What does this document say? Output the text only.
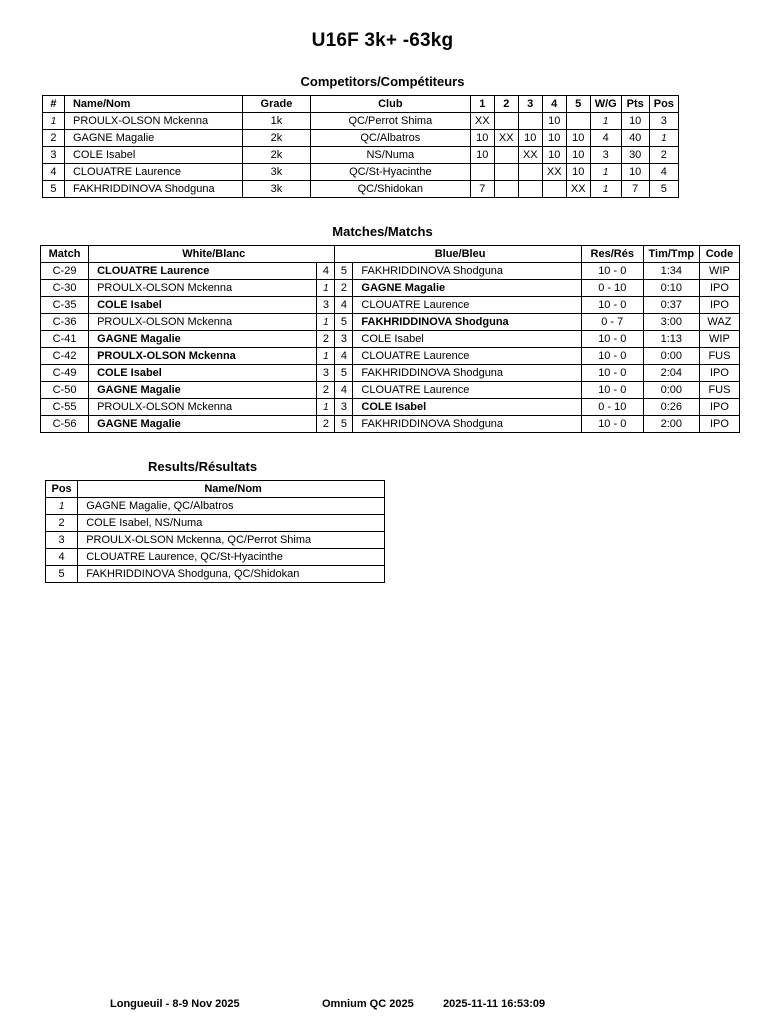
U16F 3k+ -63kg
Competitors/Compétiteurs
#	Name/Nom	Grade	Club	1	2	3	4	5	W/G	Pts	Pos
1	PROULX-OLSON Mckenna	1k	QC/Perrot Shima	XX			10		1	10	3
2	GAGNE Magalie	2k	QC/Albatros	10	XX	10	10	10	4	40	1
3	COLE Isabel	2k	NS/Numa	10		XX	10	10	3	30	2
4	CLOUATRE Laurence	3k	QC/St-Hyacinthe				XX	10	1	10	4
5	FAKHRIDDINOVA Shodguna	3k	QC/Shidokan	7				XX	1	7	5
Matches/Matchs
Match	White/Blanc		Blue/Bleu		Res/Rés	Tim/Tmp	Code
C-29	CLOUATRE Laurence	4	5	FAKHRIDDINOVA Shodguna	10 - 0	1:34	WIP
C-30	PROULX-OLSON Mckenna	1	2	GAGNE Magalie	0 - 10	0:10	IPO
C-35	COLE Isabel	3	4	CLOUATRE Laurence	10 - 0	0:37	IPO
C-36	PROULX-OLSON Mckenna	1	5	FAKHRIDDINOVA Shodguna	0 - 7	3:00	WAZ
C-41	GAGNE Magalie	2	3	COLE Isabel	10 - 0	1:13	WIP
C-42	PROULX-OLSON Mckenna	1	4	CLOUATRE Laurence	10 - 0	0:00	FUS
C-49	COLE Isabel	3	5	FAKHRIDDINOVA Shodguna	10 - 0	2:04	IPO
C-50	GAGNE Magalie	2	4	CLOUATRE Laurence	10 - 0	0:00	FUS
C-55	PROULX-OLSON Mckenna	1	3	COLE Isabel	0 - 10	0:26	IPO
C-56	GAGNE Magalie	2	5	FAKHRIDDINOVA Shodguna	10 - 0	2:00	IPO
Results/Résultats
Pos	Name/Nom
1	GAGNE Magalie, QC/Albatros
2	COLE Isabel, NS/Numa
3	PROULX-OLSON Mckenna, QC/Perrot Shima
4	CLOUATRE Laurence, QC/St-Hyacinthe
5	FAKHRIDDINOVA Shodguna, QC/Shidokan
Longueuil - 8-9 Nov 2025	Omnium QC 2025	2025-11-11 16:53:09
